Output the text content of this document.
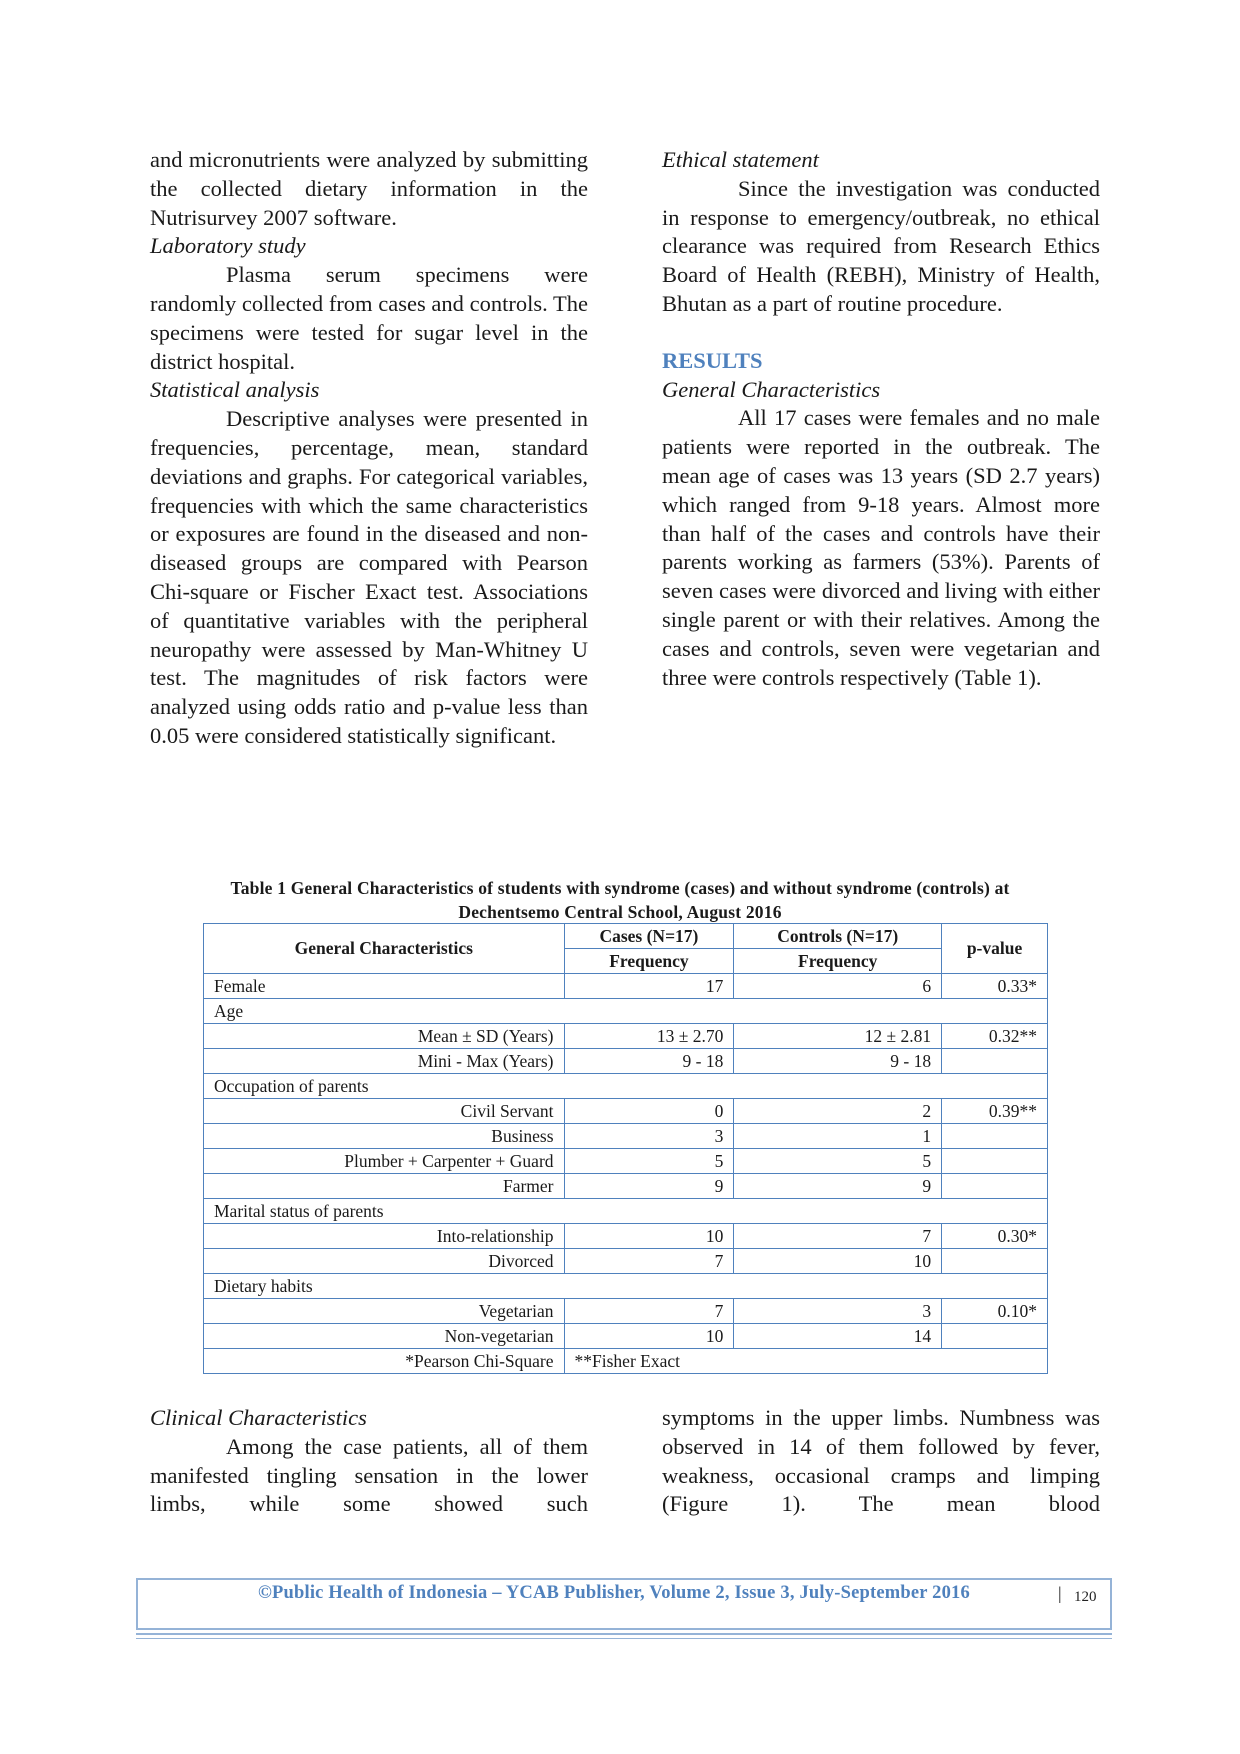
and micronutrients were analyzed by submitting the collected dietary information in the Nutrisurvey 2007 software.

Laboratory study

Plasma serum specimens were randomly collected from cases and controls. The specimens were tested for sugar level in the district hospital.

Statistical analysis

Descriptive analyses were presented in frequencies, percentage, mean, standard deviations and graphs. For categorical variables, frequencies with which the same characteristics or exposures are found in the diseased and non-diseased groups are compared with Pearson Chi-square or Fischer Exact test. Associations of quantitative variables with the peripheral neuropathy were assessed by Man-Whitney U test. The magnitudes of risk factors were analyzed using odds ratio and p-value less than 0.05 were considered statistically significant.

Ethical statement

Since the investigation was conducted in response to emergency/outbreak, no ethical clearance was required from Research Ethics Board of Health (REBH), Ministry of Health, Bhutan as a part of routine procedure.

RESULTS
General Characteristics

All 17 cases were females and no male patients were reported in the outbreak. The mean age of cases was 13 years (SD 2.7 years) which ranged from 9-18 years. Almost more than half of the cases and controls have their parents working as farmers (53%). Parents of seven cases were divorced and living with either single parent or with their relatives. Among the cases and controls, seven were vegetarian and three were controls respectively (Table 1).

Table 1 General Characteristics of students with syndrome (cases) and without syndrome (controls) at
Dechentsemo Central School, August 2016
General Characteristics	Cases (N=17)	Controls (N=17)	p-value
	Frequency	Frequency	
Female	17	6	0.33*
Age			
Mean ± SD (Years)	13 ± 2.70	12 ± 2.81	0.32**
Mini - Max (Years)	9 - 18	9 - 18	
Occupation of parents			
Civil Servant	0	2	0.39**
Business	3	1	
Plumber + Carpenter + Guard	5	5	
Farmer	9	9	
Marital status of parents			
Into-relationship	10	7	0.30*
Divorced	7	10	
Dietary habits			
Vegetarian	7	3	0.10*
Non-vegetarian	10	14	
*Pearson Chi-Square	**Fisher Exact		
Clinical Characteristics

Among the case patients, all of them manifested tingling sensation in the lower limbs, while some showed such

symptoms in the upper limbs. Numbness was observed in 14 of them followed by fever, weakness, occasional cramps and limping (Figure 1). The mean blood

©Public Health of Indonesia – YCAB Publisher, Volume 2, Issue 3, July-September 2016	| 120
